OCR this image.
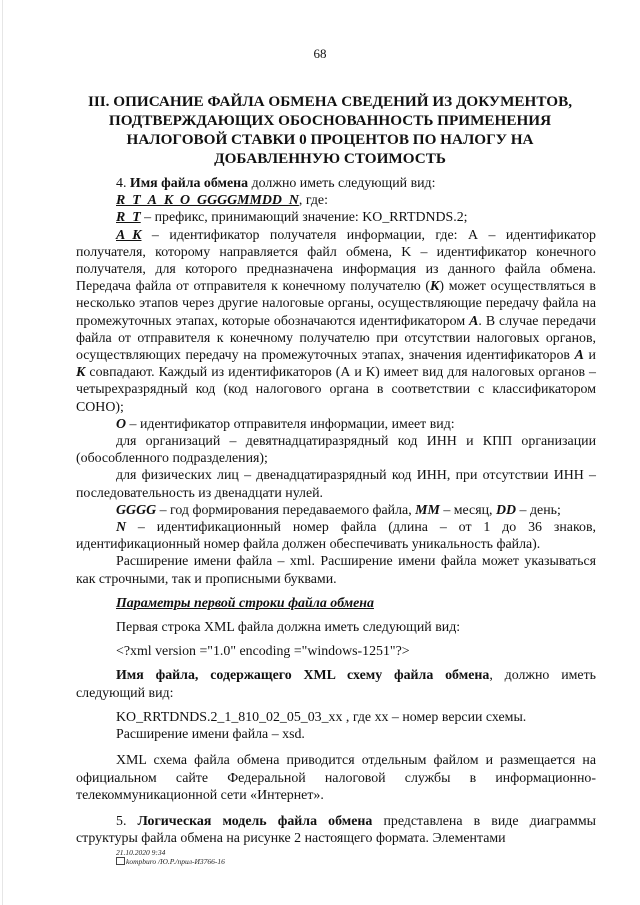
68
III. ОПИСАНИЕ ФАЙЛА ОБМЕНА СВЕДЕНИЙ ИЗ ДОКУМЕНТОВ,
ПОДТВЕРЖДАЮЩИХ ОБОСНОВАННОСТЬ ПРИМЕНЕНИЯ
НАЛОГОВОЙ СТАВКИ 0 ПРОЦЕНТОВ ПО НАЛОГУ НА
ДОБАВЛЕННУЮ СТОИМОСТЬ

4. Имя файла обмена должно иметь следующий вид:

R_T_A_K_O_GGGGMMDD_N, где:

R_T – префикс, принимающий значение: KO_RRTDNDS.2;

A_K – идентификатор получателя информации, где: А – идентификатор получателя, которому направляется файл обмена, K – идентификатор конечного получателя, для которого предназначена информация из данного файла обмена. Передача файла от отправителя к конечному получателю (К) может осуществляться в несколько этапов через другие налоговые органы, осуществляющие передачу файла на промежуточных этапах, которые обозначаются идентификатором А. В случае передачи файла от отправителя к конечному получателю при отсутствии налоговых органов, осуществляющих передачу на промежуточных этапах, значения идентификаторов А и К совпадают. Каждый из идентификаторов (А и К) имеет вид для налоговых органов – четырехразрядный код (код налогового органа в соответствии с классификатором СОНО);

O – идентификатор отправителя информации, имеет вид:

для организаций – девятнадцатиразрядный код ИНН и КПП организации (обособленного подразделения);

для физических лиц – двенадцатиразрядный код ИНН, при отсутствии ИНН – последовательность из двенадцати нулей.

GGGG – год формирования передаваемого файла, MM – месяц, DD – день;

N – идентификационный номер файла (длина – от 1 до 36 знаков, идентификационный номер файла должен обеспечивать уникальность файла).

Расширение имени файла – xml. Расширение имени файла может указываться как строчными, так и прописными буквами.

Параметры первой строки файла обмена

Первая строка XML файла должна иметь следующий вид:

<?xml version ="1.0" encoding ="windows-1251"?>

Имя файла, содержащего XML схему файла обмена, должно иметь следующий вид:

KO_RRTDNDS.2_1_810_02_05_03_xx , где хх – номер версии схемы.

Расширение имени файла – xsd.

XML схема файла обмена приводится отдельным файлом и размещается на официальном сайте Федеральной налоговой службы в информационно-телекоммуникационной сети «Интернет».

5. Логическая модель файла обмена представлена в виде диаграммы структуры файла обмена на рисунке 2 настоящего формата. Элементами

21.10.2020 9:34
kompburo /Ю.Р./прил-И3766-16
